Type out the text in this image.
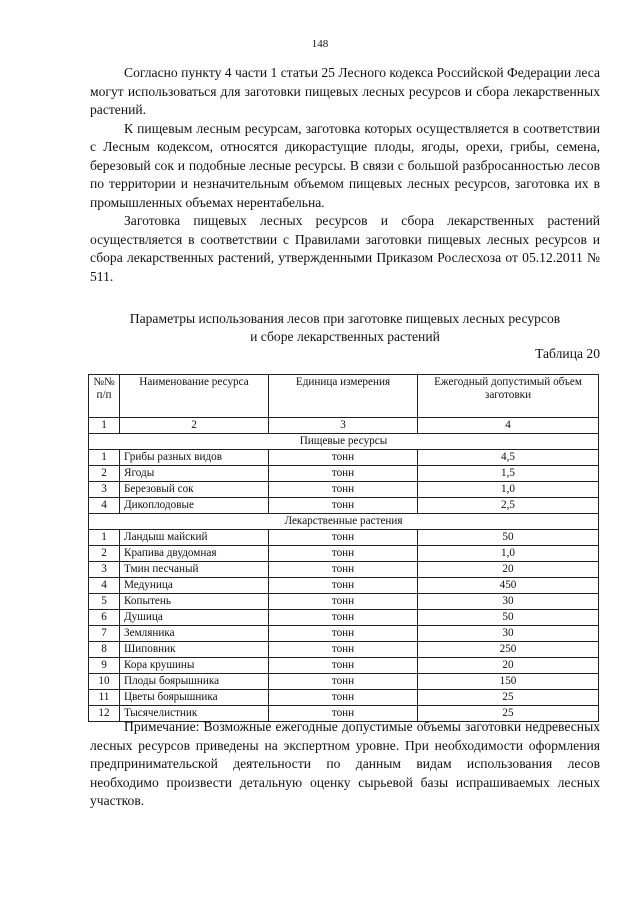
148

Согласно пункту 4 части 1 статьи 25 Лесного кодекса Российской Федерации леса могут использоваться для заготовки пищевых лесных ресурсов и сбора лекарственных растений.

К пищевым лесным ресурсам, заготовка которых осуществляется в соответствии с Лесным кодексом, относятся дикорастущие плоды, ягоды, орехи, грибы, семена, березовый сок и подобные лесные ресурсы. В связи с большой разбросанностью лесов по территории и незначительным объемом пищевых лесных ресурсов, заготовка их в промышленных объемах нерентабельна.

Заготовка пищевых лесных ресурсов и сбора лекарственных растений осуществляется в соответствии с Правилами заготовки пищевых лесных ресурсов и сбора лекарственных растений, утвержденными Приказом Рослесхоза от 05.12.2011 № 511.

Параметры использования лесов при заготовке пищевых лесных ресурсов
и сборе лекарственных растений
Таблица 20
№№ п/п	Наименование ресурса	Единица измерения	Ежегодный допустимый объем заготовки
1	2	3	4
Пищевые ресурсы			
1	Грибы разных видов	тонн	4,5
2	Ягоды	тонн	1,5
3	Березовый сок	тонн	1,0
4	Дикоплодовые	тонн	2,5
Лекарственные растения			
1	Ландыш майский	тонн	50
2	Крапива двудомная	тонн	1,0
3	Тмин песчаный	тонн	20
4	Медуница	тонн	450
5	Копытень	тонн	30
6	Душица	тонн	50
7	Земляника	тонн	30
8	Шиповник	тонн	250
9	Кора крушины	тонн	20
10	Плоды боярышника	тонн	150
11	Цветы боярышника	тонн	25
12	Тысячелистник	тонн	25

Примечание: Возможные ежегодные допустимые объемы заготовки недревесных лесных ресурсов приведены на экспертном уровне. При необходимости оформления предпринимательской деятельности по данным видам использования лесов необходимо произвести детальную оценку сырьевой базы испрашиваемых лесных участков.
